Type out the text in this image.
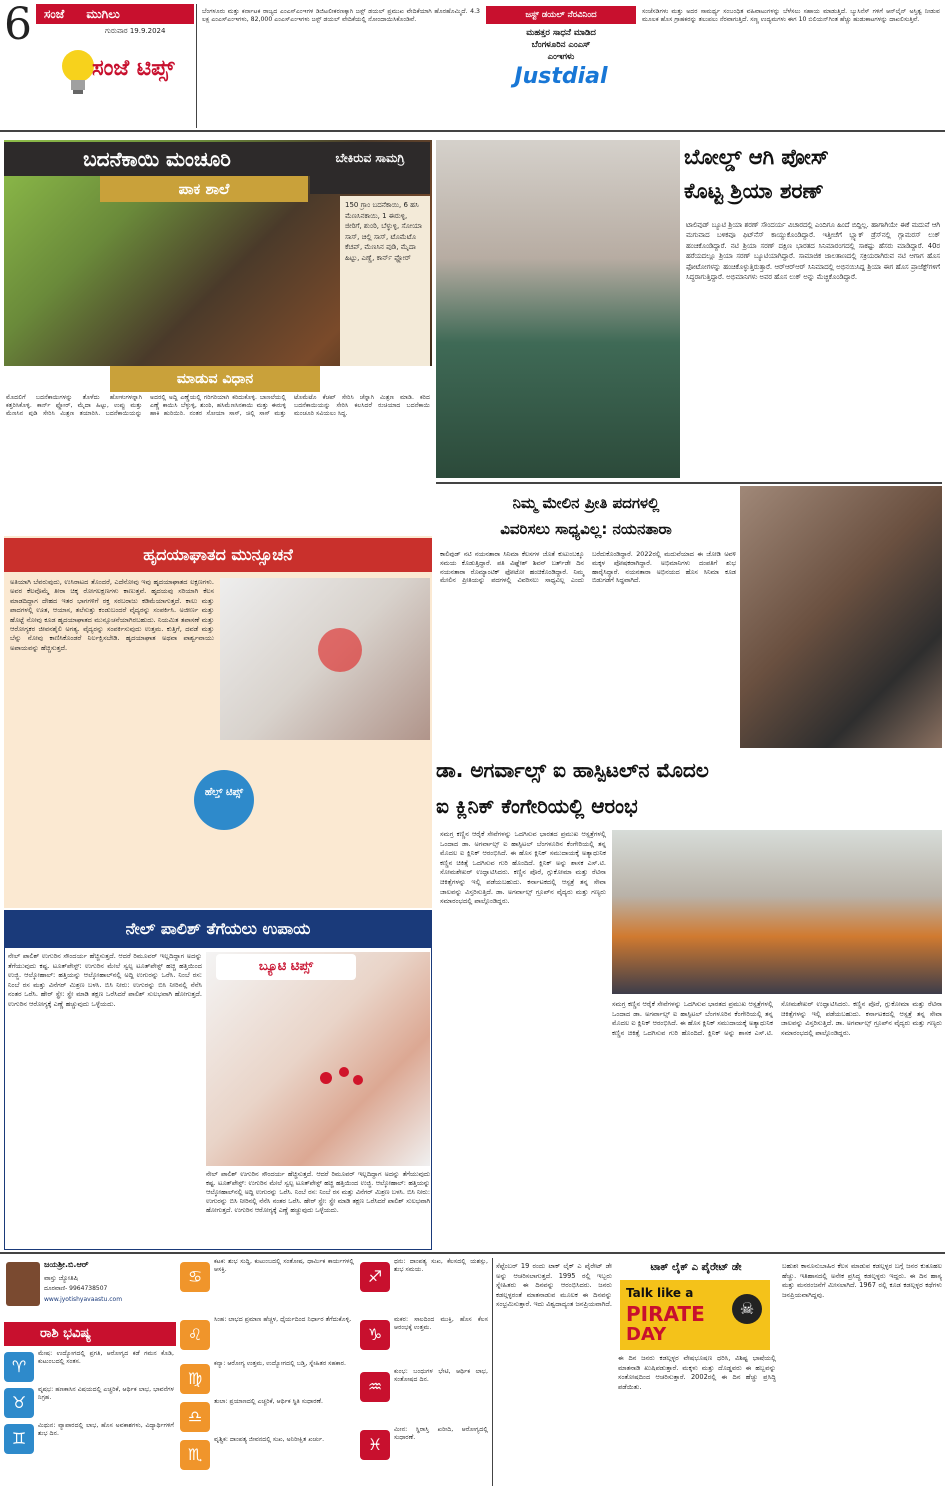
6	ಸಂಜೆ ಮುಗಿಲು
ಗುರುವಾರ 19.9.2024
ಸಂಜೆ ಟಿಪ್ಸ್
ಬೆಂಗಳೂರು ಮತ್ತು ಕರ್ನಾಟಕ ರಾಜ್ಯದ ಎಂಎಸ್ಎಂಇಗಳ ಡಿಜಿಟಲೀಕರಣಕ್ಕಾಗಿ ಜಸ್ಟ್ ಡಯಲ್ ಪ್ರಮುಖ ವೇದಿಕೆಯಾಗಿ ಹೊರಹೊಮ್ಮಿದೆ. 4.3 ಲಕ್ಷ ಎಂಎಸ್ಎಂಇಗಳು, 82,000 ಎಂಎಸ್ಎಂಇಗಳು ಜಸ್ಟ್ ಡಯಲ್ ವೇದಿಕೆಯಲ್ಲಿ ನೋಂದಾಯಿಸಿಕೊಂಡಿವೆ.	ಜಸ್ಟ್ ಡಯಲ್ ನೆರವಿನಿಂದ
ಮಹತ್ತರ ಸಾಧನೆ ಮಾಡಿದ
ಬೆಂಗಳೂರಿನ ಎಂಎಸ್
ಎಂಇಗಳು
Justdial
ಸಂಜೆಸಡಿಗಳು ಮತ್ತು ಅದರ ಸಾಮರ್ಥ್ಯ ಸಂಬಂಧಿತ ವಹಿವಾಟುಗಳನ್ನು ಬೆಳೆಸಲು ಸಹಾಯ ಮಾಡುತ್ತಿದೆ. ಬ್ಯುಸಿನೆಸ್ ಗಳಿಗೆ ಆನ್‌ಲೈನ್ ಅಸ್ತಿತ್ವ ನೀಡುವ ಮೂಲಕ ಹೊಸ ಗ್ರಾಹಕರನ್ನು ತಲುಪಲು ನೆರವಾಗುತ್ತಿದೆ. ಸಣ್ಣ ಉದ್ಯಮಗಳು ಈಗ 10 ಬಿಲಿಯನ್‌ಗಿಂತ ಹೆಚ್ಚು ಹುಡುಕಾಟಗಳನ್ನು ದಾಖಲಿಸುತ್ತಿವೆ.
ಬದನೆಕಾಯಿ ಮಂಚೂರಿ
ಪಾಕ ಶಾಲೆ
ಬೇಕಿರುವ ಸಾಮಗ್ರಿ
150 ಗ್ರಾಂ ಬದನೆಕಾಯಿ, 6 ಹಸಿ ಮೆಣಸಿನಕಾಯಿ, 1 ಈರುಳ್ಳಿ, ಜೀರಿಗೆ, ಶುಂಠಿ, ಬೆಳ್ಳುಳ್ಳಿ, ಸೋಯಾ ಸಾಸ್, ಚಿಲ್ಲಿ ಸಾಸ್, ಟೊಮೆಟೊ ಕೆಚಪ್, ಮೆಣಸಿನ ಪುಡಿ, ಮೈದಾ ಹಿಟ್ಟು, ಎಣ್ಣೆ, ಕಾರ್ನ್ ಫ್ಲೋರ್
ಮಾಡುವ ವಿಧಾನ
ಮೊದಲಿಗೆ ಬದನೆಕಾಯಿಗಳನ್ನು ತೊಳೆದು ಹೋಳುಗಳನ್ನಾಗಿ ಕತ್ತರಿಸಿಕೊಳ್ಳಿ. ಕಾರ್ನ್ ಫ್ಲೋರ್, ಮೈದಾ ಹಿಟ್ಟು, ಉಪ್ಪು ಮತ್ತು ಮೆಣಸಿನ ಪುಡಿ ಸೇರಿಸಿ ಮಿಶ್ರಣ ತಯಾರಿಸಿ. ಬದನೆಕಾಯಿಯನ್ನು ಅದರಲ್ಲಿ ಅದ್ದಿ ಎಣ್ಣೆಯಲ್ಲಿ ಗರಿಗರಿಯಾಗಿ ಕರಿದುಕೊಳ್ಳಿ. ಬಾಣಲೆಯಲ್ಲಿ ಎಣ್ಣೆ ಕಾಯಿಸಿ ಬೆಳ್ಳುಳ್ಳಿ, ಶುಂಠಿ, ಹಸಿಮೆಣಸಿನಕಾಯಿ ಮತ್ತು ಈರುಳ್ಳಿ ಹಾಕಿ ಹುರಿಯಿರಿ. ನಂತರ ಸೋಯಾ ಸಾಸ್, ಚಿಲ್ಲಿ ಸಾಸ್ ಮತ್ತು ಟೊಮೆಟೊ ಕೆಚಪ್ ಸೇರಿಸಿ ಚೆನ್ನಾಗಿ ಮಿಶ್ರಣ ಮಾಡಿ. ಕರಿದ ಬದನೆಕಾಯಿಯನ್ನು ಸೇರಿಸಿ ಕಲಸಿದರೆ ರುಚಿಯಾದ ಬದನೆಕಾಯಿ ಮಂಚೂರಿ ಸವಿಯಲು ಸಿದ್ಧ.
ಬೋಲ್ಡ್ ಆಗಿ ಪೋಸ್
ಕೊಟ್ಟ ಶ್ರಿಯಾ ಶರಣ್
ಟಾಲಿವುಡ್ ಬ್ಯೂಟಿ ಶ್ರಿಯಾ ಶರಣ್ ಸೌಂದರ್ಯ ವಿಚಾರದಲ್ಲಿ ಎಂದಿಗೂ ಹಿಂದೆ ಬಿದ್ದಿಲ್ಲ. ಹಾಗಾಗಿಯೇ ಈಕೆ ಮದುವೆ ಆಗಿ ಮಗುವಾದ ಬಳಿಕವೂ ಫಿಟ್‌ನೆಸ್ ಕಾಯ್ದುಕೊಂಡಿದ್ದಾರೆ. ಇತ್ತೀಚೆಗೆ ಬ್ಲ್ಯಾಕ್ ಡ್ರೆಸ್‌ನಲ್ಲಿ ಗ್ಲಾಮರಸ್ ಲುಕ್ ಹಂಚಿಕೊಂಡಿದ್ದಾರೆ. ನಟಿ ಶ್ರಿಯಾ ಸರಣ್ ದಕ್ಷಿಣ ಭಾರತದ ಸಿನಿಮಾರಂಗದಲ್ಲಿ ಸಾಕಷ್ಟು ಹೆಸರು ಮಾಡಿದ್ದಾರೆ. 40ರ ಹರೆಯದಲ್ಲೂ ಶ್ರಿಯಾ ಸರಣ್ ಬ್ಯೂಟಿಯಾಗಿದ್ದಾರೆ. ಸಾಮಾಜಿಕ ಜಾಲತಾಣದಲ್ಲಿ ಸಕ್ರಿಯರಾಗಿರುವ ನಟಿ ಆಗಾಗ ಹೊಸ ಫೋಟೋಗಳನ್ನು ಹಂಚಿಕೊಳ್ಳುತ್ತಿರುತ್ತಾರೆ. ಆರ್‌ಆರ್‌ಆರ್ ಸಿನಿಮಾದಲ್ಲಿ ಅಭಿನಯಿಸಿದ್ದ ಶ್ರಿಯಾ ಈಗ ಹೊಸ ಪ್ರಾಜೆಕ್ಟ್‌ಗಳಿಗೆ ಸಿದ್ಧರಾಗುತ್ತಿದ್ದಾರೆ. ಅಭಿಮಾನಿಗಳು ಅವರ ಹೊಸ ಲುಕ್ ಅನ್ನು ಮೆಚ್ಚಿಕೊಂಡಿದ್ದಾರೆ.
ನಿಮ್ಮ ಮೇಲಿನ ಪ್ರೀತಿ ಪದಗಳಲ್ಲಿ
ವಿವರಿಸಲು ಸಾಧ್ಯವಿಲ್ಲ: ನಯನತಾರಾ
ಕಾಲಿವುಡ್ ನಟಿ ನಯನತಾರಾ ಸಿನಿಮಾ ಕೆಲಸಗಳ ಜೊತೆ ಕುಟುಂಬಕ್ಕೂ ಸಮಯ ಕೊಡುತ್ತಿದ್ದಾರೆ. ಪತಿ ವಿಘ್ನೇಶ್ ಶಿವನ್ ಬರ್ತ್‌ಡೇ ದಿನ ನಯನತಾರಾ ರೊಮ್ಯಾಂಟಿಕ್ ಫೋಟೋ ಹಂಚಿಕೊಂಡಿದ್ದಾರೆ. ನಿಮ್ಮ ಮೇಲಿನ ಪ್ರೀತಿಯನ್ನು ಪದಗಳಲ್ಲಿ ವಿವರಿಸಲು ಸಾಧ್ಯವಿಲ್ಲ ಎಂದು ಬರೆದುಕೊಂಡಿದ್ದಾರೆ. 2022ರಲ್ಲಿ ಮದುವೆಯಾದ ಈ ಜೋಡಿ ಅವಳಿ ಮಕ್ಕಳ ಪೋಷಕರಾಗಿದ್ದಾರೆ. ಅಭಿಮಾನಿಗಳು ದಂಪತಿಗೆ ಶುಭ ಹಾರೈಸಿದ್ದಾರೆ. ನಯನತಾರಾ ಅಭಿನಯದ ಹೊಸ ಸಿನಿಮಾ ಕೂಡ ಬಿಡುಗಡೆಗೆ ಸಿದ್ಧವಾಗಿದೆ.
ಹೃದಯಾಘಾತದ ಮುನ್ಸೂಚನೆ
ಅತಿಯಾಗಿ ಬೆವರುವುದು, ಉಸಿರಾಟದ ತೊಂದರೆ, ಎದೆನೋವು ಇವು ಹೃದಯಾಘಾತದ ಲಕ್ಷಣಗಳು. ಅವರ ಕೆಲವೊಮ್ಮೆ ತೀರಾ ಚಿಕ್ಕ ರೋಗಲಕ್ಷಣಗಳು ಕಾಣುತ್ತವೆ. ಹೃದಯವು ಸರಿಯಾಗಿ ಕೆಲಸ ಮಾಡದಿದ್ದಾಗ ದೇಹದ ಇತರ ಭಾಗಗಳಿಗೆ ರಕ್ತ ಸರಬರಾಜು ಕಡಿಮೆಯಾಗುತ್ತದೆ. ಕಾಲು ಮತ್ತು ಪಾದಗಳಲ್ಲಿ ಊತ, ಆಯಾಸ, ತಲೆಸುತ್ತು ಕಂಡುಬಂದರೆ ವೈದ್ಯರನ್ನು ಸಂಪರ್ಕಿಸಿ. ಅಜೀರ್ಣ ಮತ್ತು ಹೊಟ್ಟೆ ನೋವು ಕೂಡ ಹೃದಯಾಘಾತದ ಮುನ್ಸೂಚನೆಯಾಗಿರಬಹುದು. ನಿಯಮಿತ ತಪಾಸಣೆ ಮತ್ತು ಆರೋಗ್ಯಕರ ಜೀವನಶೈಲಿ ಅಗತ್ಯ. ವೈದ್ಯರನ್ನು ಸಂಪರ್ಕಿಸುವುದು ಉತ್ತಮ. ಕುತ್ತಿಗೆ, ದವಡೆ ಮತ್ತು ಬೆನ್ನು ನೋವು ಕಾಣಿಸಿಕೊಂಡರೆ ನಿರ್ಲಕ್ಷಿಸಬೇಡಿ. ಹೃದಯಾಘಾತ ಅಥವಾ ಪಾರ್ಶ್ವವಾಯು ಅಪಾಯವನ್ನು ಹೆಚ್ಚಿಸುತ್ತದೆ.
ಹೆಲ್ತ್ ಟಿಪ್ಸ್
ಡಾ. ಅಗರ್ವಾಲ್ಸ್ ಐ ಹಾಸ್ಪಿಟಲ್‌ನ ಮೊದಲ
ಐ ಕ್ಲಿನಿಕ್ ಕೆಂಗೇರಿಯಲ್ಲಿ ಆರಂಭ
ಸಮಗ್ರ ಕಣ್ಣಿನ ಆರೈಕೆ ಸೇವೆಗಳನ್ನು ಒದಗಿಸುವ ಭಾರತದ ಪ್ರಮುಖ ಆಸ್ಪತ್ರೆಗಳಲ್ಲಿ ಒಂದಾದ ಡಾ. ಅಗರ್ವಾಲ್ಸ್ ಐ ಹಾಸ್ಪಿಟಲ್ ಬೆಂಗಳೂರಿನ ಕೆಂಗೇರಿಯಲ್ಲಿ ತನ್ನ ಮೊದಲ ಐ ಕ್ಲಿನಿಕ್ ಆರಂಭಿಸಿದೆ. ಈ ಹೊಸ ಕ್ಲಿನಿಕ್ ಸಮುದಾಯಕ್ಕೆ ಅತ್ಯಾಧುನಿಕ ಕಣ್ಣಿನ ಚಿಕಿತ್ಸೆ ಒದಗಿಸುವ ಗುರಿ ಹೊಂದಿದೆ. ಕ್ಲಿನಿಕ್ ಅನ್ನು ಶಾಸಕ ಎಸ್.ಟಿ. ಸೋಮಶೇಖರ್ ಉದ್ಘಾಟಿಸಿದರು. ಕಣ್ಣಿನ ಪೊರೆ, ಗ್ಲುಕೋಮಾ ಮತ್ತು ರೆಟಿನಾ ಚಿಕಿತ್ಸೆಗಳನ್ನು ಇಲ್ಲಿ ಪಡೆಯಬಹುದು. ಕರ್ನಾಟಕದಲ್ಲಿ ಆಸ್ಪತ್ರೆ ತನ್ನ ಸೇವಾ ಜಾಲವನ್ನು ವಿಸ್ತರಿಸುತ್ತಿದೆ. ಡಾ. ಅಗರ್ವಾಲ್ಸ್ ಗ್ರೂಪ್‌ನ ವೈದ್ಯರು ಮತ್ತು ಗಣ್ಯರು ಸಮಾರಂಭದಲ್ಲಿ ಪಾಲ್ಗೊಂಡಿದ್ದರು.
ಸಮಗ್ರ ಕಣ್ಣಿನ ಆರೈಕೆ ಸೇವೆಗಳನ್ನು ಒದಗಿಸುವ ಭಾರತದ ಪ್ರಮುಖ ಆಸ್ಪತ್ರೆಗಳಲ್ಲಿ ಒಂದಾದ ಡಾ. ಅಗರ್ವಾಲ್ಸ್ ಐ ಹಾಸ್ಪಿಟಲ್ ಬೆಂಗಳೂರಿನ ಕೆಂಗೇರಿಯಲ್ಲಿ ತನ್ನ ಮೊದಲ ಐ ಕ್ಲಿನಿಕ್ ಆರಂಭಿಸಿದೆ. ಈ ಹೊಸ ಕ್ಲಿನಿಕ್ ಸಮುದಾಯಕ್ಕೆ ಅತ್ಯಾಧುನಿಕ ಕಣ್ಣಿನ ಚಿಕಿತ್ಸೆ ಒದಗಿಸುವ ಗುರಿ ಹೊಂದಿದೆ. ಕ್ಲಿನಿಕ್ ಅನ್ನು ಶಾಸಕ ಎಸ್.ಟಿ. ಸೋಮಶೇಖರ್ ಉದ್ಘಾಟಿಸಿದರು. ಕಣ್ಣಿನ ಪೊರೆ, ಗ್ಲುಕೋಮಾ ಮತ್ತು ರೆಟಿನಾ ಚಿಕಿತ್ಸೆಗಳನ್ನು ಇಲ್ಲಿ ಪಡೆಯಬಹುದು. ಕರ್ನಾಟಕದಲ್ಲಿ ಆಸ್ಪತ್ರೆ ತನ್ನ ಸೇವಾ ಜಾಲವನ್ನು ವಿಸ್ತರಿಸುತ್ತಿದೆ. ಡಾ. ಅಗರ್ವಾಲ್ಸ್ ಗ್ರೂಪ್‌ನ ವೈದ್ಯರು ಮತ್ತು ಗಣ್ಯರು ಸಮಾರಂಭದಲ್ಲಿ ಪಾಲ್ಗೊಂಡಿದ್ದರು.
ನೇಲ್ ಪಾಲಿಶ್ ತೆಗೆಯಲು ಉಪಾಯ
ನೇಲ್ ಪಾಲಿಶ್ ಉಗುರಿನ ಸೌಂದರ್ಯ ಹೆಚ್ಚಿಸುತ್ತದೆ. ಆದರೆ ರಿಮೂವರ್ ಇಲ್ಲದಿದ್ದಾಗ ಅದನ್ನು ತೆಗೆಯುವುದು ಕಷ್ಟ. ಟೂತ್‌ಪೇಸ್ಟ್: ಉಗುರಿನ ಮೇಲೆ ಸ್ವಲ್ಪ ಟೂತ್‌ಪೇಸ್ಟ್ ಹಚ್ಚಿ ಹತ್ತಿಯಿಂದ ಉಜ್ಜಿ. ಆಲ್ಕೋಹಾಲ್: ಹತ್ತಿಯನ್ನು ಆಲ್ಕೋಹಾಲ್‌ನಲ್ಲಿ ಅದ್ದಿ ಉಗುರನ್ನು ಒರೆಸಿ. ನಿಂಬೆ ರಸ: ನಿಂಬೆ ರಸ ಮತ್ತು ವಿನೆಗರ್ ಮಿಶ್ರಣ ಬಳಸಿ. ಬಿಸಿ ನೀರು: ಉಗುರನ್ನು ಬಿಸಿ ನೀರಿನಲ್ಲಿ ನೆನೆಸಿ ನಂತರ ಒರೆಸಿ. ಹೇರ್ ಸ್ಪ್ರೇ: ಸ್ಪ್ರೇ ಮಾಡಿ ತಕ್ಷಣ ಒರೆಸಿದರೆ ಪಾಲಿಶ್ ಸುಲಭವಾಗಿ ಹೋಗುತ್ತದೆ. ಉಗುರಿನ ಆರೋಗ್ಯಕ್ಕೆ ಎಣ್ಣೆ ಹಚ್ಚುವುದು ಒಳ್ಳೆಯದು.
ಬ್ಯೂಟಿ ಟಿಪ್ಸ್
ನೇಲ್ ಪಾಲಿಶ್ ಉಗುರಿನ ಸೌಂದರ್ಯ ಹೆಚ್ಚಿಸುತ್ತದೆ. ಆದರೆ ರಿಮೂವರ್ ಇಲ್ಲದಿದ್ದಾಗ ಅದನ್ನು ತೆಗೆಯುವುದು ಕಷ್ಟ. ಟೂತ್‌ಪೇಸ್ಟ್: ಉಗುರಿನ ಮೇಲೆ ಸ್ವಲ್ಪ ಟೂತ್‌ಪೇಸ್ಟ್ ಹಚ್ಚಿ ಹತ್ತಿಯಿಂದ ಉಜ್ಜಿ. ಆಲ್ಕೋಹಾಲ್: ಹತ್ತಿಯನ್ನು ಆಲ್ಕೋಹಾಲ್‌ನಲ್ಲಿ ಅದ್ದಿ ಉಗುರನ್ನು ಒರೆಸಿ. ನಿಂಬೆ ರಸ: ನಿಂಬೆ ರಸ ಮತ್ತು ವಿನೆಗರ್ ಮಿಶ್ರಣ ಬಳಸಿ. ಬಿಸಿ ನೀರು: ಉಗುರನ್ನು ಬಿಸಿ ನೀರಿನಲ್ಲಿ ನೆನೆಸಿ ನಂತರ ಒರೆಸಿ. ಹೇರ್ ಸ್ಪ್ರೇ: ಸ್ಪ್ರೇ ಮಾಡಿ ತಕ್ಷಣ ಒರೆಸಿದರೆ ಪಾಲಿಶ್ ಸುಲಭವಾಗಿ ಹೋಗುತ್ತದೆ. ಉಗುರಿನ ಆರೋಗ್ಯಕ್ಕೆ ಎಣ್ಣೆ ಹಚ್ಚುವುದು ಒಳ್ಳೆಯದು.
ಜಯಶ್ರೀ.ಬಿ.ಆರ್
ವಾಸ್ತು ಜ್ಯೋತಿಷಿ
ದೂರವಾಣಿ- 9964738507
www.jyotishyavaastu.com
ರಾಶಿ ಭವಿಷ್ಯ
♈
ಮೇಷ: ಉದ್ಯೋಗದಲ್ಲಿ ಪ್ರಗತಿ, ಆರೋಗ್ಯದ ಕಡೆ ಗಮನ ಕೊಡಿ, ಕುಟುಂಬದಲ್ಲಿ ಸಂತಸ.
♉
ವೃಷಭ: ಹಣಕಾಸಿನ ವಿಷಯದಲ್ಲಿ ಎಚ್ಚರಿಕೆ, ಆರ್ಥಿಕ ಲಾಭ, ಭಾವನೆಗಳ ನಿಗ್ರಹ.
♊
ಮಿಥುನ: ವ್ಯಾಪಾರದಲ್ಲಿ ಲಾಭ, ಹೊಸ ಅವಕಾಶಗಳು, ವಿದ್ಯಾರ್ಥಿಗಳಿಗೆ ಶುಭ ದಿನ.
♋
ಕಟಕ: ಶುಭ ಸುದ್ದಿ, ಕುಟುಂಬದಲ್ಲಿ ಸಂತೋಷ, ಧಾರ್ಮಿಕ ಕಾರ್ಯಗಳಲ್ಲಿ ಆಸಕ್ತಿ.
♌
ಸಿಂಹ: ಲಾಭದ ಪ್ರಮಾಣ ಹೆಚ್ಚಳ, ಧೈರ್ಯದಿಂದ ನಿರ್ಧಾರ ತೆಗೆದುಕೊಳ್ಳಿ.
♍
ಕನ್ಯಾ: ಆರೋಗ್ಯ ಉತ್ತಮ, ಉದ್ಯೋಗದಲ್ಲಿ ಬಡ್ತಿ, ಸ್ನೇಹಿತರ ಸಹಕಾರ.
♎
ತುಲಾ: ಪ್ರಯಾಣದಲ್ಲಿ ಎಚ್ಚರಿಕೆ, ಆರ್ಥಿಕ ಸ್ಥಿತಿ ಸುಧಾರಣೆ.
♏
ವೃಶ್ಚಿಕ: ದಾಂಪತ್ಯ ಜೀವನದಲ್ಲಿ ಸುಖ, ಅನಿರೀಕ್ಷಿತ ಖರ್ಚು.
♐
ಧನು: ದಾಂಪತ್ಯ ಸುಖ, ಕೆಲಸದಲ್ಲಿ ಯಶಸ್ಸು, ಶುಭ ಸಮಯ.
♑
ಮಕರ: ಸಾಲದಿಂದ ಮುಕ್ತಿ, ಹೊಸ ಕೆಲಸ ಆರಂಭಕ್ಕೆ ಉತ್ತಮ.
♒
ಕುಂಭ: ಬಂಧುಗಳ ಭೇಟಿ, ಆರ್ಥಿಕ ಲಾಭ, ಸಂತೋಷದ ದಿನ.
♓
ಮೀನ: ಸ್ಥಿರಾಸ್ತಿ ಖರೀದಿ, ಆರೋಗ್ಯದಲ್ಲಿ ಸುಧಾರಣೆ.
ಸೆಪ್ಟೆಂಬರ್ 19 ರಂದು ಟಾಕ್ ಲೈಕ್ ಎ ಪೈರೇಟ್ ಡೇ ಅನ್ನು ಆಚರಿಸಲಾಗುತ್ತದೆ. 1995 ರಲ್ಲಿ ಇಬ್ಬರು ಸ್ನೇಹಿತರು ಈ ದಿನವನ್ನು ಆರಂಭಿಸಿದರು. ಜನರು ಕಡಲ್ಗಳ್ಳರಂತೆ ಮಾತನಾಡುವ ಮೂಲಕ ಈ ದಿನವನ್ನು ಸಂಭ್ರಮಿಸುತ್ತಾರೆ. ಇದು ವಿಶ್ವದಾದ್ಯಂತ ಜನಪ್ರಿಯವಾಗಿದೆ.
ಟಾಕ್ ಲೈಕ್ ಎ ಪೈರೇಟ್ ಡೇ
Talk like a
PIRATE
DAY
☠
ಈ ದಿನ ಜನರು ಕಡಲ್ಗಳ್ಳರ ವೇಷಭೂಷಣ ಧರಿಸಿ, ವಿಶಿಷ್ಟ ಭಾಷೆಯಲ್ಲಿ ಮಾತನಾಡಿ ಖುಷಿಪಡುತ್ತಾರೆ. ಮಕ್ಕಳು ಮತ್ತು ದೊಡ್ಡವರು ಈ ಹಬ್ಬವನ್ನು ಸಂತೋಷದಿಂದ ಆಚರಿಸುತ್ತಾರೆ. 2002ರಲ್ಲಿ ಈ ದಿನ ಹೆಚ್ಚು ಪ್ರಸಿದ್ಧಿ ಪಡೆಯಿತು.
ಬಹುಶಃ ಕಾನೂನುಬಾಹಿರ ಕೆಲಸ ಮಾಡುವ ಕಡಲ್ಗಳ್ಳರ ಬಗ್ಗೆ ಜನರ ಕುತೂಹಲ ಹೆಚ್ಚು. ಇತಿಹಾಸದಲ್ಲಿ ಅನೇಕ ಪ್ರಸಿದ್ಧ ಕಡಲ್ಗಳ್ಳರು ಇದ್ದರು. ಈ ದಿನ ಹಾಸ್ಯ ಮತ್ತು ಮನರಂಜನೆಗೆ ಮೀಸಲಾಗಿದೆ. 1967 ರಲ್ಲಿ ಕೂಡ ಕಡಲ್ಗಳ್ಳರ ಕಥೆಗಳು ಜನಪ್ರಿಯವಾಗಿದ್ದವು.
